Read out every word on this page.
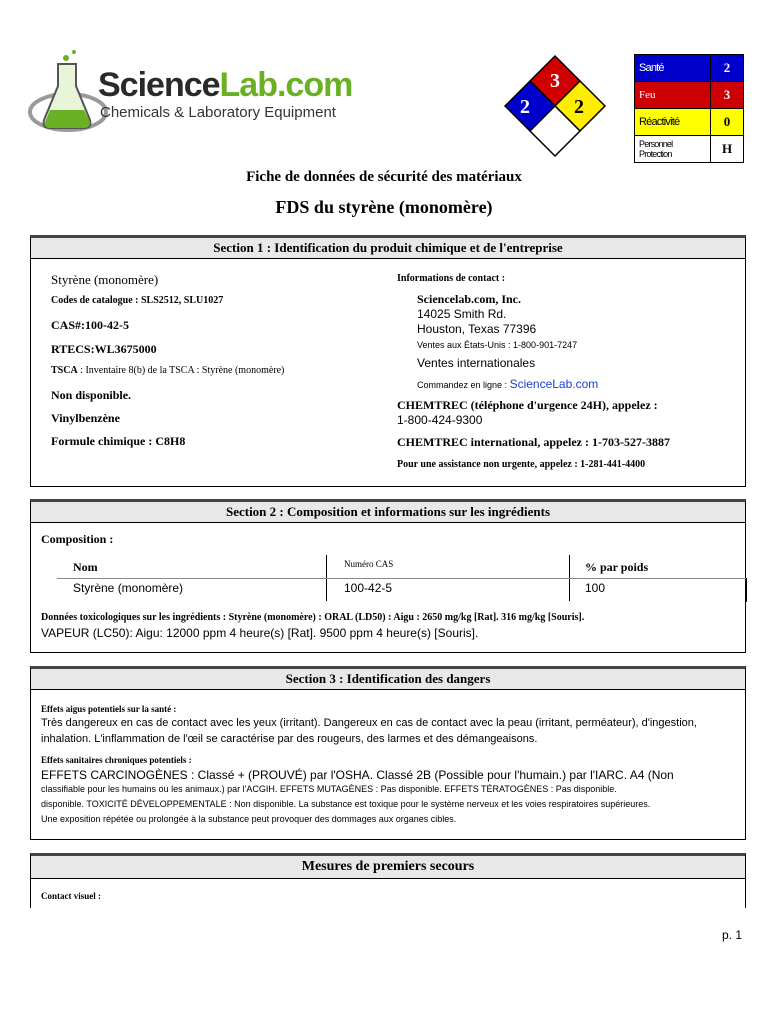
ScienceLab.com
Chemicals & Laboratory Equipment
3
2 2
Santé	2
Feu	3
Réactivité	0
Personnel Protection	H
Fiche de données de sécurité des matériaux
FDS du styrène (monomère)
Section 1 : Identification du produit chimique et de l'entreprise
Styrène (monomère)
Codes de catalogue : SLS2512, SLU1027
CAS#:100-42-5
RTECS:WL3675000
TSCA : Inventaire 8(b) de la TSCA : Styrène (monomère)
Non disponible.
Vinylbenzène
Formule chimique : C8H8
Informations de contact :
Sciencelab.com, Inc.
14025 Smith Rd.
Houston, Texas 77396
Ventes aux États-Unis : 1-800-901-7247
Ventes internationales
Commandez en ligne : ScienceLab.com
CHEMTREC (téléphone d'urgence 24H), appelez :
1-800-424-9300
CHEMTREC international, appelez : 1-703-527-3887
Pour une assistance non urgente, appelez : 1-281-441-4400
Section 2 : Composition et informations sur les ingrédients
Composition :
Nom	Numéro CAS	% par poids
Styrène (monomère)	100-42-5	100
Données toxicologiques sur les ingrédients : Styrène (monomère) : ORAL (LD50) : Aigu : 2650 mg/kg [Rat]. 316 mg/kg [Souris].
VAPEUR (LC50): Aigu: 12000 ppm 4 heure(s) [Rat]. 9500 ppm 4 heure(s) [Souris].
Section 3 : Identification des dangers
Effets aigus potentiels sur la santé :
Très dangereux en cas de contact avec les yeux (irritant). Dangereux en cas de contact avec la peau (irritant, perméateur), d'ingestion,
inhalation. L'inflammation de l'œil se caractérise par des rougeurs, des larmes et des démangeaisons.
Effets sanitaires chroniques potentiels :
EFFETS CARCINOGÈNES : Classé + (PROUVÉ) par l'OSHA. Classé 2B (Possible pour l'humain.) par l'IARC. A4 (Non
classifiable pour les humains ou les animaux.) par l'ACGIH. EFFETS MUTAGÈNES : Pas disponible. EFFETS TÉRATOGÈNES : Pas disponible.
disponible. TOXICITÉ DÉVELOPPEMENTALE : Non disponible. La substance est toxique pour le système nerveux et les voies respiratoires supérieures.
Une exposition répétée ou prolongée à la substance peut provoquer des dommages aux organes cibles.
Mesures de premiers secours
Contact visuel :
p. 1
